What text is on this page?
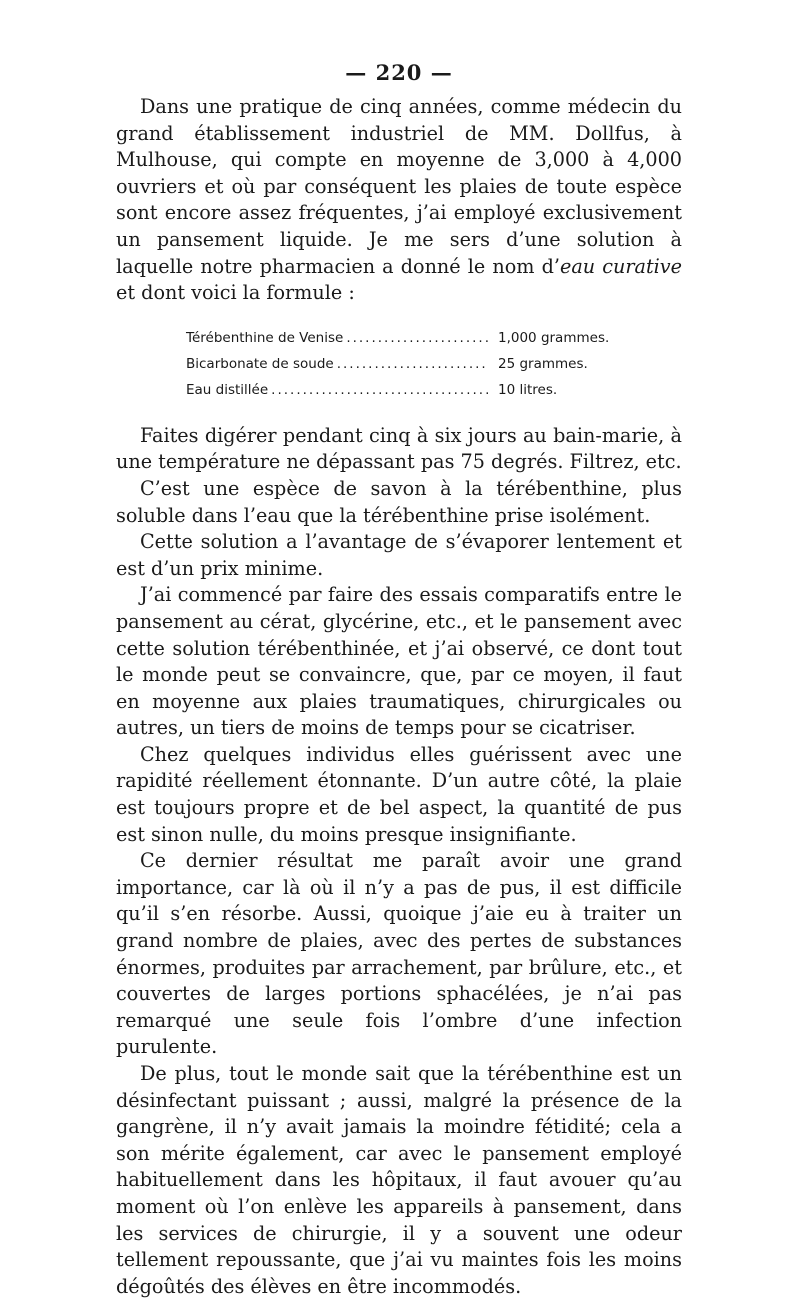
— 220 —

Dans une pratique de cinq années, comme médecin du grand établissement industriel de MM. Dollfus, à Mulhouse, qui compte en moyenne de 3,000 à 4,000 ouvriers et où par conséquent les plaies de toute espèce sont encore assez fréquentes, j’ai employé exclusivement un pansement liquide. Je me sers d’une solution à laquelle notre pharmacien a donné le nom d’eau curative et dont voici la formule :

Térébenthine de Venise .....	1,000 grammes.
Bicarbonate de soude .....	25 grammes.
Eau distillée .....	10 litres.

Faites digérer pendant cinq à six jours au bain-marie, à une température ne dépassant pas 75 degrés. Filtrez, etc.

C’est une espèce de savon à la térébenthine, plus soluble dans l’eau que la térébenthine prise isolément.

Cette solution a l’avantage de s’évaporer lentement et est d’un prix minime.

J’ai commencé par faire des essais comparatifs entre le pansement au cérat, glycérine, etc., et le pansement avec cette solution térébenthinée, et j’ai observé, ce dont tout le monde peut se convaincre, que, par ce moyen, il faut en moyenne aux plaies traumatiques, chirurgicales ou autres, un tiers de moins de temps pour se cicatriser.

Chez quelques individus elles guérissent avec une rapidité réellement étonnante. D’un autre côté, la plaie est toujours propre et de bel aspect, la quantité de pus est sinon nulle, du moins presque insignifiante.

Ce dernier résultat me paraît avoir une grand importance, car là où il n’y a pas de pus, il est difficile qu’il s’en résorbe. Aussi, quoique j’aie eu à traiter un grand nombre de plaies, avec des pertes de substances énormes, produites par arrachement, par brûlure, etc., et couvertes de larges portions sphacélées, je n’ai pas remarqué une seule fois l’ombre d’une infection purulente.

De plus, tout le monde sait que la térébenthine est un désinfectant puissant ; aussi, malgré la présence de la gangrène, il n’y avait jamais la moindre fétidité; cela a son mérite également, car avec le pansement employé habituellement dans les hôpitaux, il faut avouer qu’au moment où l’on enlève les appareils à pansement, dans les services de chirurgie, il y a souvent une odeur tellement repoussante, que j’ai vu maintes fois les moins dégoûtés des élèves en être incommodés.
